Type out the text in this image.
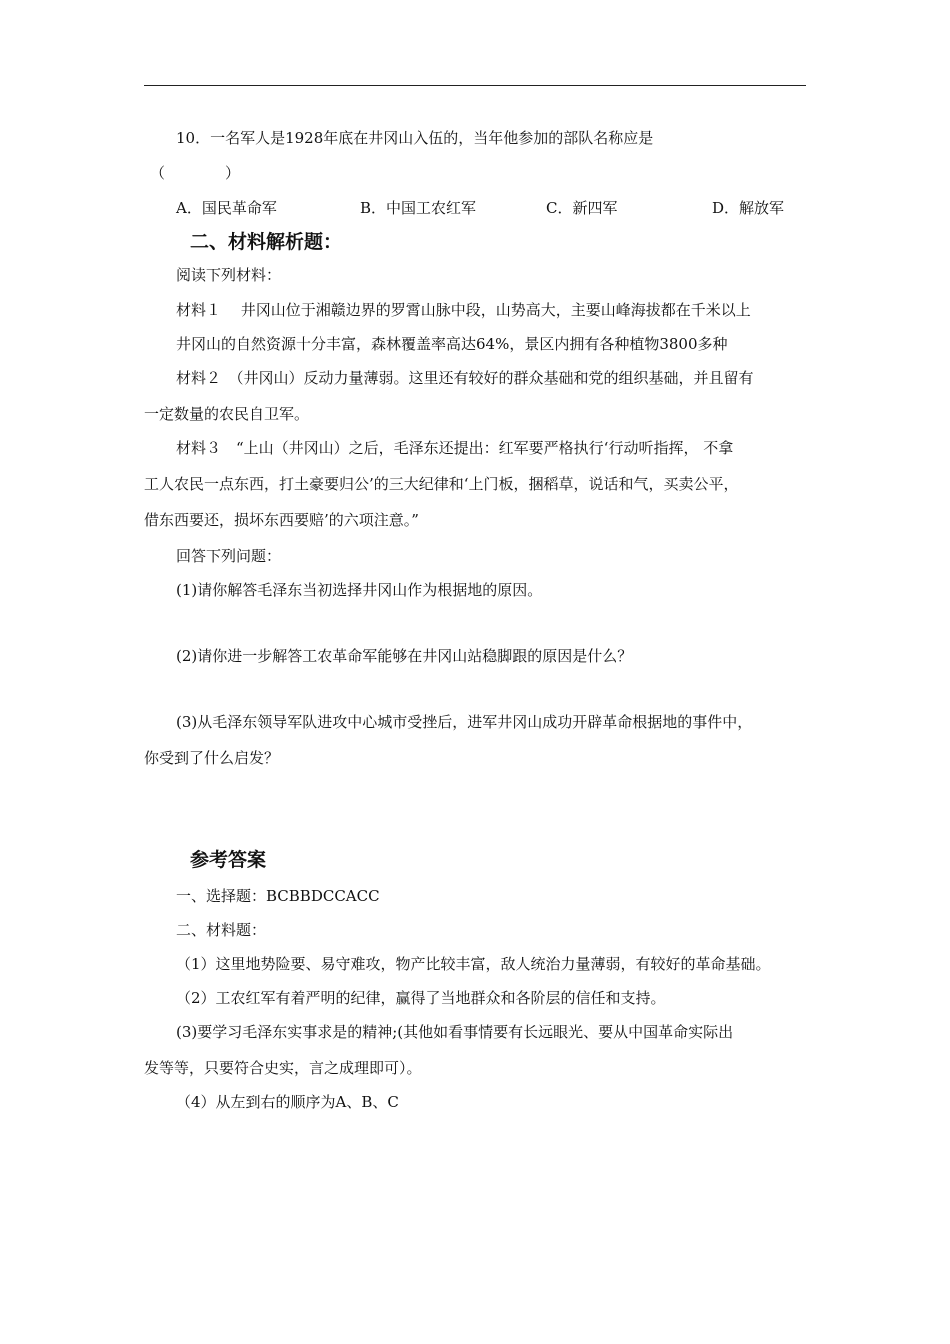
10．一名军人是1928年底在井冈山入伍的，当年他参加的部队名称应是
（　　　　）
A．国民革命军	B．中国工农红军	C．新四军	D．解放军
二、材料解析题：
阅读下列材料：
材料１　 井冈山位于湘赣边界的罗霄山脉中段，山势高大，主要山峰海拔都在千米以上
井冈山的自然资源十分丰富，森林覆盖率高达64%，景区内拥有各种植物3800多种
材料２　（井冈山）反动力量薄弱。这里还有较好的群众基础和党的组织基础，并且留有
一定数量的农民自卫军。
材料３　“上山（井冈山）之后，毛泽东还提出：红军要严格执行‘行动听指挥， 不拿
工人农民一点东西，打土豪要归公’的三大纪律和‘上门板，捆稻草，说话和气，买卖公平，
借东西要还，损坏东西要赔’的六项注意。”
回答下列问题：
(1)请你解答毛泽东当初选择井冈山作为根据地的原因。
(2)请你进一步解答工农革命军能够在井冈山站稳脚跟的原因是什么？
(3)从毛泽东领导军队进攻中心城市受挫后，进军井冈山成功开辟革命根据地的事件中，
你受到了什么启发？
参考答案
一、选择题：BCBBDCCACC
二、材料题：
（1）这里地势险要、易守难攻，物产比较丰富，敌人统治力量薄弱，有较好的革命基础。
（2）工农红军有着严明的纪律，赢得了当地群众和各阶层的信任和支持。
(3)要学习毛泽东实事求是的精神;(其他如看事情要有长远眼光、要从中国革命实际出
发等等，只要符合史实，言之成理即可）。
（4）从左到右的顺序为A、B、C
